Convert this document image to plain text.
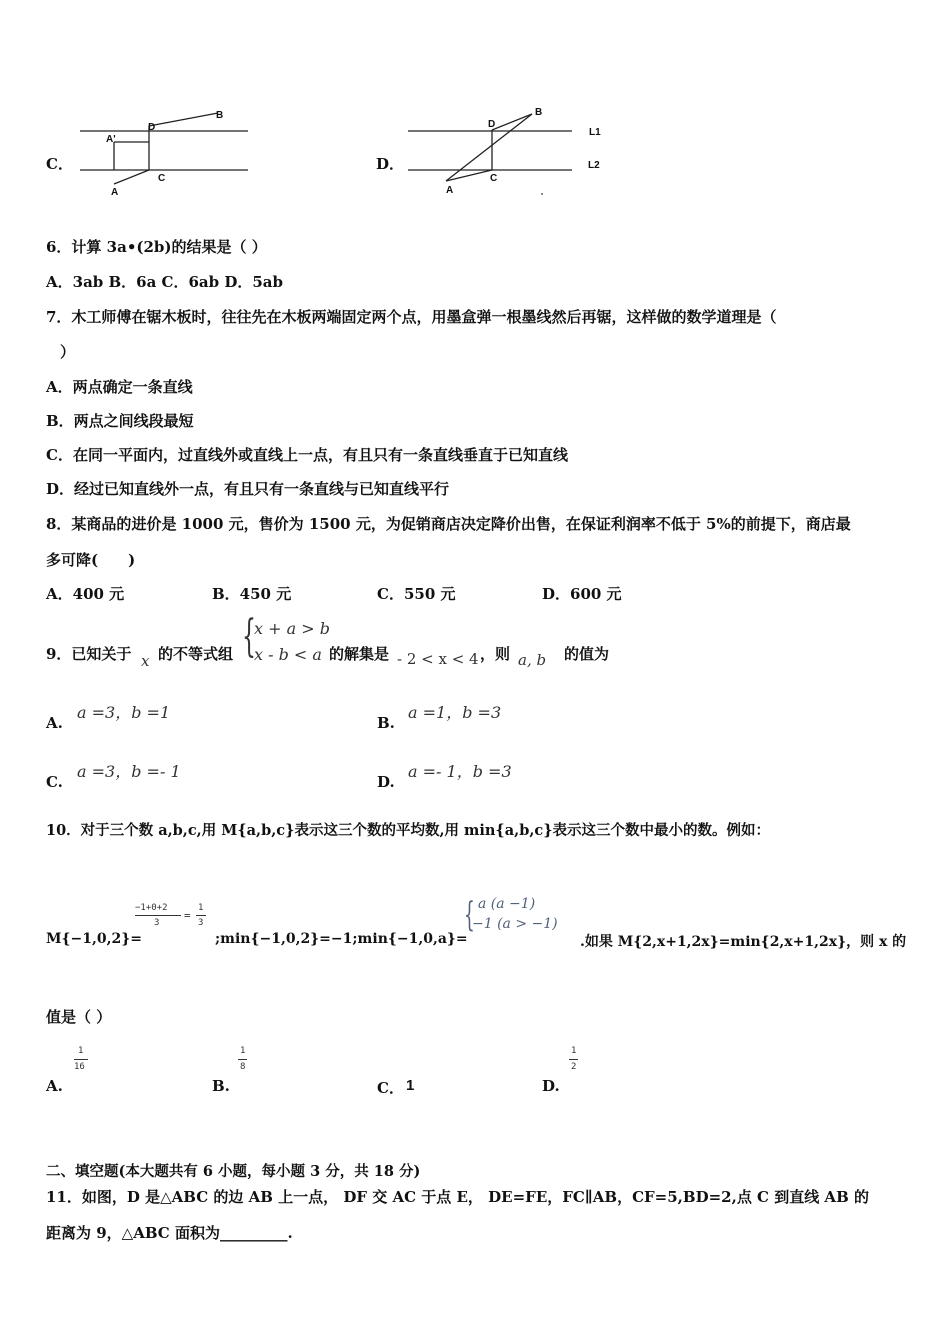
C．
A'
D
B
C
A
D．
D
B
L1
L2
A
C
6．计算 3a•(2b)的结果是（ ）
A．3ab B．6a C．6ab D．5ab
7．木工师傅在锯木板时，往往先在木板两端固定两个点，用墨盒弹一根墨线然后再锯，这样做的数学道理是（
）
A．两点确定一条直线
B．两点之间线段最短
C．在同一平面内，过直线外或直线上一点，有且只有一条直线垂直于已知直线
D．经过已知直线外一点，有且只有一条直线与已知直线平行
8．某商品的进价是 1000 元，售价为 1500 元，为促销商店决定降价出售，在保证利润率不低于 5%的前提下，商店最
多可降(　　)
A．400 元	B．450 元	C．550 元	D．600 元
9．已知关于 x 的不等式组 {
x + a > b
x - b < a 的解集是 - 2 < x < 4 ，则 a, b 的值为
A.
a =3，b =1
B.
a =1，b =3
C.
a =3，b =- 1
D.
a =- 1，b =3
10．对于三个数 a,b,c,用 M{a,b,c}表示这三个数的平均数,用 min{a,b,c}表示这三个数中最小的数。例如：
M{−1,0,2}=
−1+0+2
3
=
1
3
;min{−1,0,2}=−1;min{−1,0,a}=
{ a (a −1)
−1 (a > −1)
.如果 M{2,x+1,2x}=min{2,x+1,2x}，则 x 的
值是（ ）
A.
1
16
B.
1
8
C． 1	D.
1
2
二、填空题(本大题共有 6 小题，每小题 3 分，共 18 分)
11．如图，D 是△ABC 的边 AB 上一点， DF 交 AC 于点 E， DE=FE，FC∥AB，CF=5,BD=2,点 C 到直线 AB 的
距离为 9，△ABC 面积为_________.
